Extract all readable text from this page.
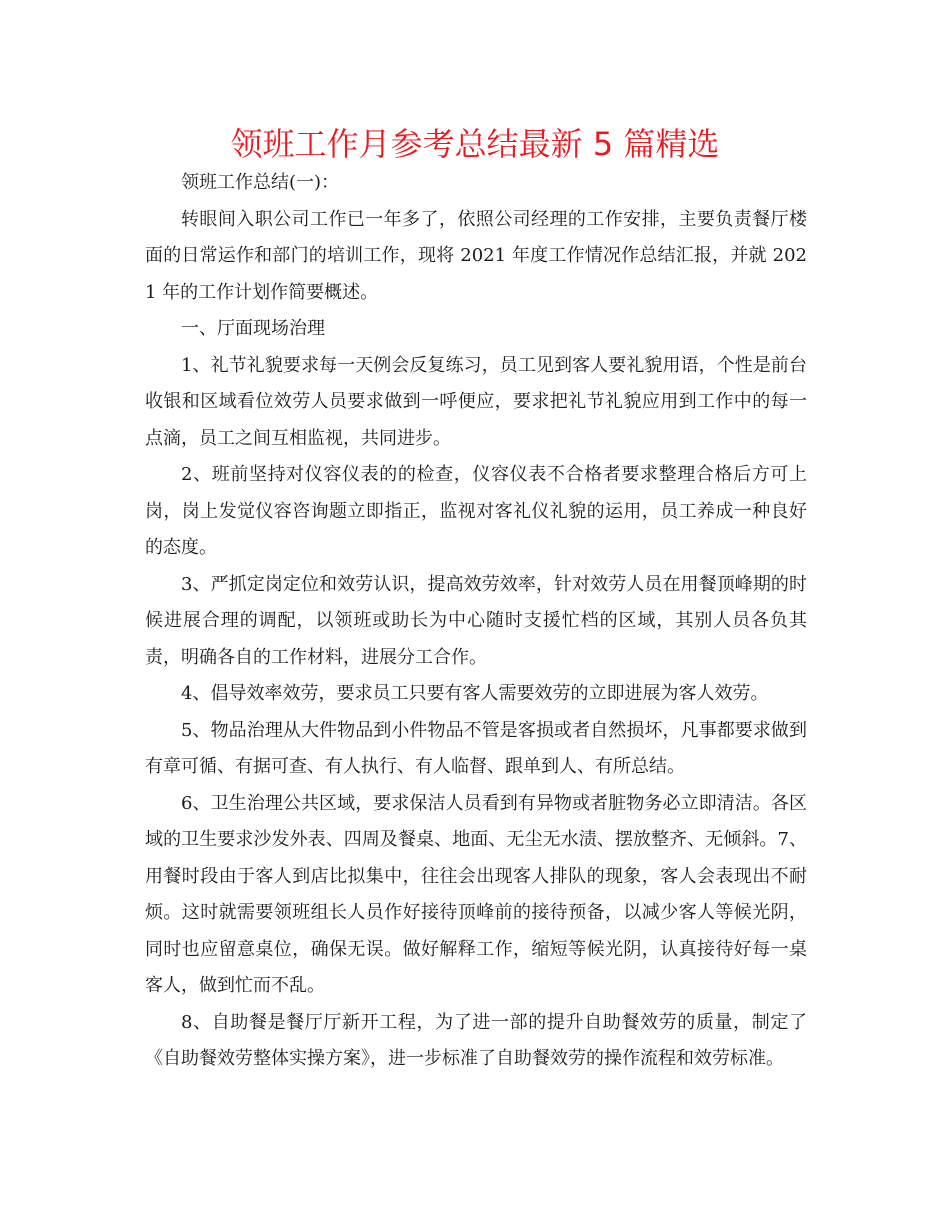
领班工作月参考总结最新 5 篇精选

领班工作总结(一)：

转眼间入职公司工作已一年多了，依照公司经理的工作安排，主要负责餐厅楼面的日常运作和部门的培训工作，现将 2021 年度工作情况作总结汇报，并就 2021 年的工作计划作简要概述。

一、厅面现场治理

1、礼节礼貌要求每一天例会反复练习，员工见到客人要礼貌用语，个性是前台收银和区域看位效劳人员要求做到一呼便应，要求把礼节礼貌应用到工作中的每一点滴，员工之间互相监视，共同进步。

2、班前坚持对仪容仪表的的检查，仪容仪表不合格者要求整理合格后方可上岗，岗上发觉仪容咨询题立即指正，监视对客礼仪礼貌的运用，员工养成一种良好的态度。

3、严抓定岗定位和效劳认识，提高效劳效率，针对效劳人员在用餐顶峰期的时候进展合理的调配，以领班或助长为中心随时支援忙档的区域，其别人员各负其责，明确各自的工作材料，进展分工合作。

4、倡导效率效劳，要求员工只要有客人需要效劳的立即进展为客人效劳。

5、物品治理从大件物品到小件物品不管是客损或者自然损坏，凡事都要求做到有章可循、有据可查、有人执行、有人临督、跟单到人、有所总结。

6、卫生治理公共区域，要求保洁人员看到有异物或者脏物务必立即清洁。各区域的卫生要求沙发外表、四周及餐桌、地面、无尘无水渍、摆放整齐、无倾斜。7、用餐时段由于客人到店比拟集中，往往会出现客人排队的现象，客人会表现出不耐烦。这时就需要领班组长人员作好接待顶峰前的接待预备，以减少客人等候光阴，同时也应留意桌位，确保无误。做好解释工作，缩短等候光阴，认真接待好每一桌客人，做到忙而不乱。

8、自助餐是餐厅厅新开工程，为了进一部的提升自助餐效劳的质量，制定了《自助餐效劳整体实操方案》，进一步标准了自助餐效劳的操作流程和效劳标准。
